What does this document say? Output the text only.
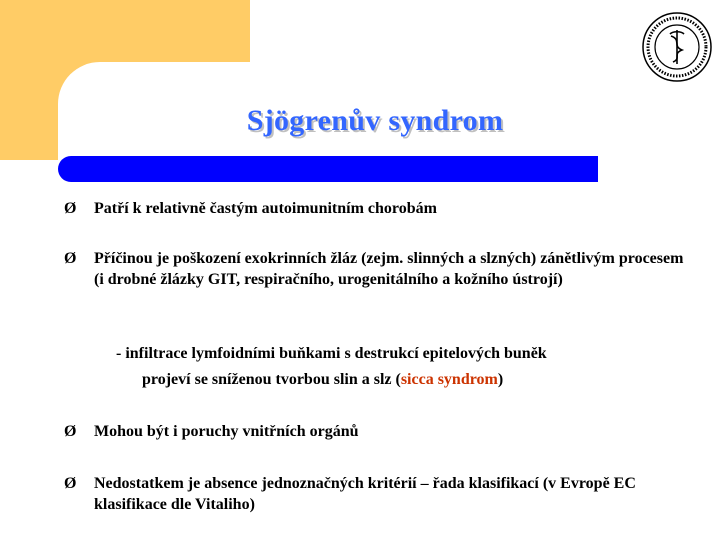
Sjögrenův syndrom
Ø Patří k relativně častým autoimunitním chorobám
Ø Příčinou je poškození exokrinních žláz (zejm. slinných a slzných) zánětlivým procesem (i drobné žlázky GIT, respiračního, urogenitálního a kožního ústrojí)
- infiltrace lymfoidními buňkami s destrukcí epitelových buněk
projeví se sníženou tvorbou slin a slz (sicca syndrom)
Ø Mohou být i poruchy vnitřních orgánů
Ø Nedostatkem je absence jednoznačných kritérií – řada klasifikací (v Evropě EC klasifikace dle Vitaliho)
